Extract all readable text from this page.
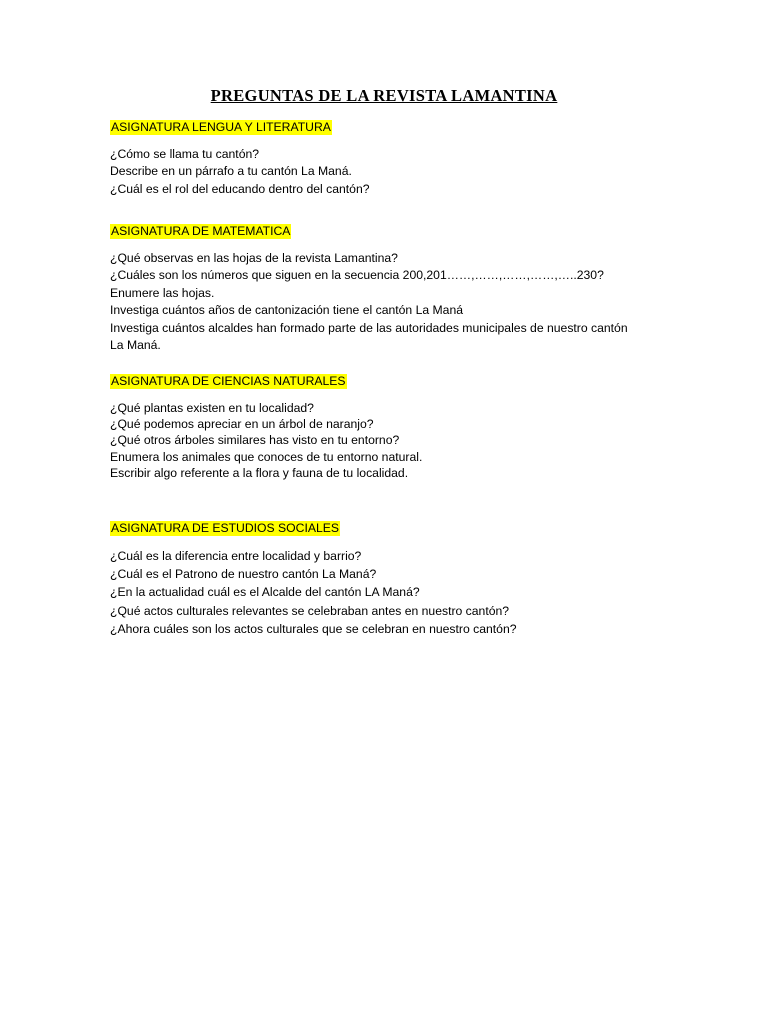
PREGUNTAS DE LA REVISTA LAMANTINA
ASIGNATURA LENGUA Y LITERATURA
¿Cómo se llama tu cantón?
Describe en un párrafo a tu cantón La Maná.
¿Cuál es el rol del educando dentro del cantón?
ASIGNATURA DE MATEMATICA
¿Qué observas en las hojas de la revista Lamantina?
¿Cuáles son los números que siguen en la secuencia 200,201……,……,……,……,…..230?
Enumere las hojas.
Investiga cuántos años de cantonización tiene el cantón La Maná
Investiga cuántos alcaldes han formado parte de las autoridades municipales de nuestro cantón
La Maná.
ASIGNATURA DE CIENCIAS NATURALES
¿Qué plantas existen en tu localidad?
¿Qué podemos apreciar en un árbol de naranjo?
¿Qué otros árboles similares has visto en tu entorno?
Enumera los animales que conoces de tu entorno natural.
Escribir algo referente a la flora y fauna de tu localidad.
ASIGNATURA DE ESTUDIOS SOCIALES
¿Cuál es la diferencia entre localidad y barrio?
¿Cuál es el Patrono de nuestro cantón La Maná?
¿En la actualidad cuál es el Alcalde del cantón LA Maná?
¿Qué actos culturales relevantes se celebraban antes en nuestro cantón?
¿Ahora cuáles son los actos culturales que se celebran en nuestro cantón?
